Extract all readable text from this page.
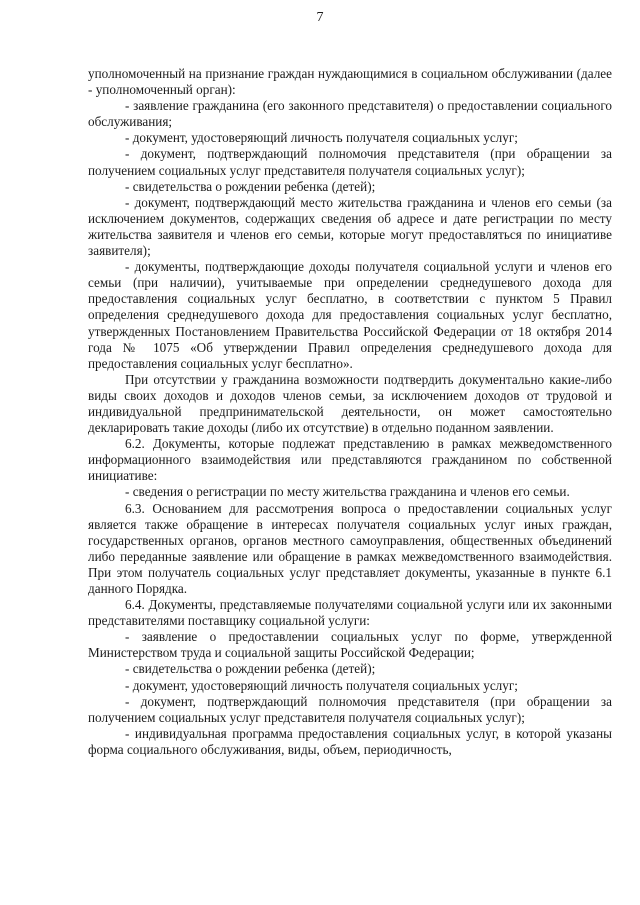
7

уполномоченный на признание граждан нуждающимися в социальном обслуживании (далее - уполномоченный орган):

- заявление гражданина (его законного представителя) о предоставлении социального обслуживания;

- документ, удостоверяющий личность получателя социальных услуг;

- документ, подтверждающий полномочия представителя (при обращении за получением социальных услуг представителя получателя социальных услуг);

- свидетельства о рождении ребенка (детей);

- документ, подтверждающий место жительства гражданина и членов его семьи (за исключением документов, содержащих сведения об адресе и дате регистрации по месту жительства заявителя и членов его семьи, которые могут предоставляться по инициативе заявителя);

- документы, подтверждающие доходы получателя социальной услуги и членов его семьи (при наличии), учитываемые при определении среднедушевого дохода для предоставления социальных услуг бесплатно, в соответствии с пунктом 5 Правил определения среднедушевого дохода для предоставления социальных услуг бесплатно, утвержденных Постановлением Правительства Российской Федерации от 18 октября 2014 года № 1075 «Об утверждении Правил определения среднедушевого дохода для предоставления социальных услуг бесплатно».

При отсутствии у гражданина возможности подтвердить документально какие-либо виды своих доходов и доходов членов семьи, за исключением доходов от трудовой и индивидуальной предпринимательской деятельности, он может самостоятельно декларировать такие доходы (либо их отсутствие) в отдельно поданном заявлении.

6.2. Документы, которые подлежат представлению в рамках межведомственного информационного взаимодействия или представляются гражданином по собственной инициативе:

- сведения о регистрации по месту жительства гражданина и членов его семьи.

6.3. Основанием для рассмотрения вопроса о предоставлении социальных услуг является также обращение в интересах получателя социальных услуг иных граждан, государственных органов, органов местного самоуправления, общественных объединений либо переданные заявление или обращение в рамках межведомственного взаимодействия. При этом получатель социальных услуг представляет документы, указанные в пункте 6.1 данного Порядка.

6.4. Документы, представляемые получателями социальной услуги или их законными представителями поставщику социальной услуги:

- заявление о предоставлении социальных услуг по форме, утвержденной Министерством труда и социальной защиты Российской Федерации;

- свидетельства о рождении ребенка (детей);

- документ, удостоверяющий личность получателя социальных услуг;

- документ, подтверждающий полномочия представителя (при обращении за получением социальных услуг представителя получателя социальных услуг);

- индивидуальная программа предоставления социальных услуг, в которой указаны форма социального обслуживания, виды, объем, периодичность,
